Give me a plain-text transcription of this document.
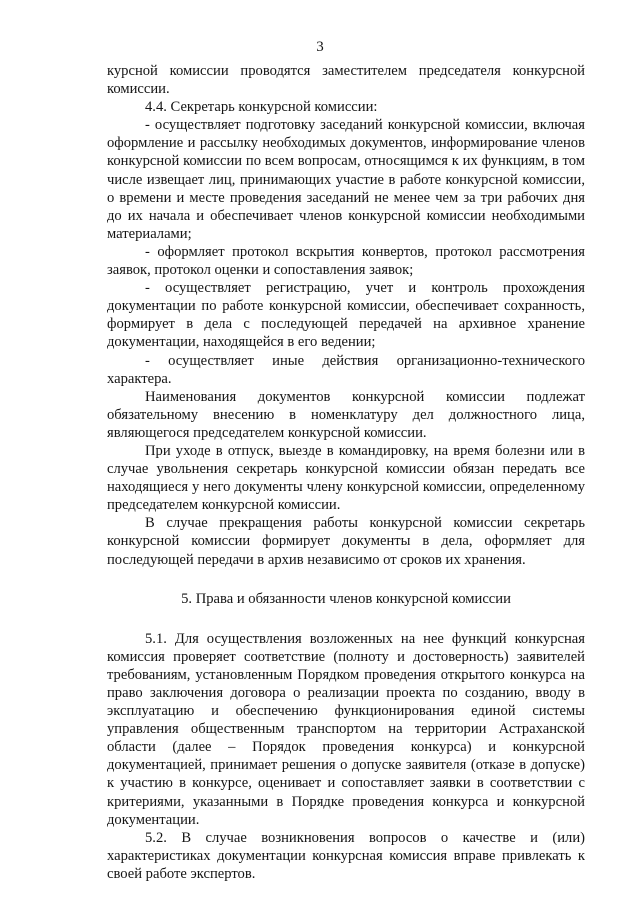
3

курсной комиссии проводятся заместителем председателя конкурсной комиссии.

4.4. Секретарь конкурсной комиссии:

- осуществляет подготовку заседаний конкурсной комиссии, включая оформление и рассылку необходимых документов, информирование членов конкурсной комиссии по всем вопросам, относящимся к их функциям, в том числе извещает лиц, принимающих участие в работе конкурсной комиссии, о времени и месте проведения заседаний не менее чем за три рабочих дня до их начала и обеспечивает членов конкурсной комиссии необходимыми материалами;

- оформляет протокол вскрытия конвертов, протокол рассмотрения заявок, протокол оценки и сопоставления заявок;

- осуществляет регистрацию, учет и контроль прохождения документации по работе конкурсной комиссии, обеспечивает сохранность, формирует в дела с последующей передачей на архивное хранение документации, находящейся в его ведении;

- осуществляет иные действия организационно-технического характера.

Наименования документов конкурсной комиссии подлежат обязательному внесению в номенклатуру дел должностного лица, являющегося председателем конкурсной комиссии.

При уходе в отпуск, выезде в командировку, на время болезни или в случае увольнения секретарь конкурсной комиссии обязан передать все находящиеся у него документы члену конкурсной комиссии, определенному председателем конкурсной комиссии.

В случае прекращения работы конкурсной комиссии секретарь конкурсной комиссии формирует документы в дела, оформляет для последующей передачи в архив независимо от сроков их хранения.

5. Права и обязанности членов конкурсной комиссии

5.1. Для осуществления возложенных на нее функций конкурсная комиссия проверяет соответствие (полноту и достоверность) заявителей требованиям, установленным Порядком проведения открытого конкурса на право заключения договора о реализации проекта по созданию, вводу в эксплуатацию и обеспечению функционирования единой системы управления общественным транспортом на территории Астраханской области (далее – Порядок проведения конкурса) и конкурсной документацией, принимает решения о допуске заявителя (отказе в допуске) к участию в конкурсе, оценивает и сопоставляет заявки в соответствии с критериями, указанными в Порядке проведения конкурса и конкурсной документации.

5.2. В случае возникновения вопросов о качестве и (или) характеристиках документации конкурсная комиссия вправе привлекать к своей работе экспертов.
